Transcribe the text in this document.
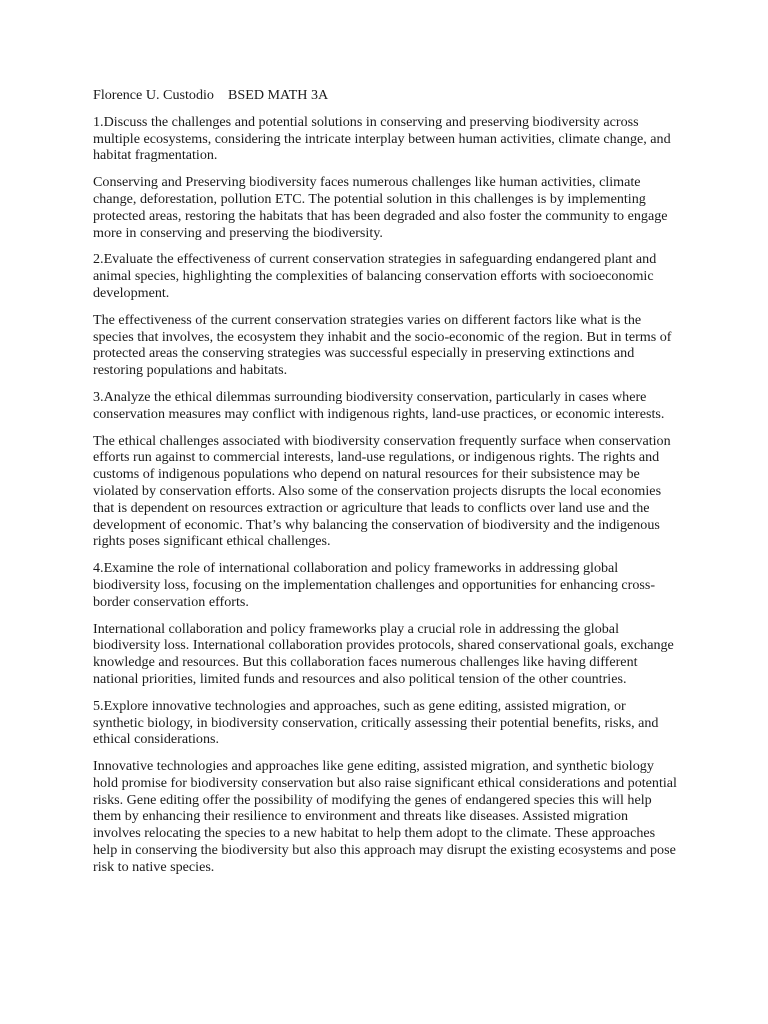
Florence U. Custodio BSED MATH 3A

1.Discuss the challenges and potential solutions in conserving and preserving biodiversity across multiple ecosystems, considering the intricate interplay between human activities, climate change, and habitat fragmentation.

Conserving and Preserving biodiversity faces numerous challenges like human activities, climate change, deforestation, pollution ETC. The potential solution in this challenges is by implementing protected areas, restoring the habitats that has been degraded and also foster the community to engage more in conserving and preserving the biodiversity.

2.Evaluate the effectiveness of current conservation strategies in safeguarding endangered plant and animal species, highlighting the complexities of balancing conservation efforts with socioeconomic development.

The effectiveness of the current conservation strategies varies on different factors like what is the species that involves, the ecosystem they inhabit and the socio-economic of the region. But in terms of protected areas the conserving strategies was successful especially in preserving extinctions and restoring populations and habitats.

3.Analyze the ethical dilemmas surrounding biodiversity conservation, particularly in cases where conservation measures may conflict with indigenous rights, land-use practices, or economic interests.

The ethical challenges associated with biodiversity conservation frequently surface when conservation efforts run against to commercial interests, land-use regulations, or indigenous rights. The rights and customs of indigenous populations who depend on natural resources for their subsistence may be violated by conservation efforts. Also some of the conservation projects disrupts the local economies that is dependent on resources extraction or agriculture that leads to conflicts over land use and the development of economic. That’s why balancing the conservation of biodiversity and the indigenous rights poses significant ethical challenges.

4.Examine the role of international collaboration and policy frameworks in addressing global biodiversity loss, focusing on the implementation challenges and opportunities for enhancing cross-border conservation efforts.

International collaboration and policy frameworks play a crucial role in addressing the global biodiversity loss. International collaboration provides protocols, shared conservational goals, exchange knowledge and resources. But this collaboration faces numerous challenges like having different national priorities, limited funds and resources and also political tension of the other countries.

5.Explore innovative technologies and approaches, such as gene editing, assisted migration, or synthetic biology, in biodiversity conservation, critically assessing their potential benefits, risks, and ethical considerations.

Innovative technologies and approaches like gene editing, assisted migration, and synthetic biology hold promise for biodiversity conservation but also raise significant ethical considerations and potential risks. Gene editing offer the possibility of modifying the genes of endangered species this will help them by enhancing their resilience to environment and threats like diseases. Assisted migration involves relocating the species to a new habitat to help them adopt to the climate. These approaches help in conserving the biodiversity but also this approach may disrupt the existing ecosystems and pose risk to native species.
